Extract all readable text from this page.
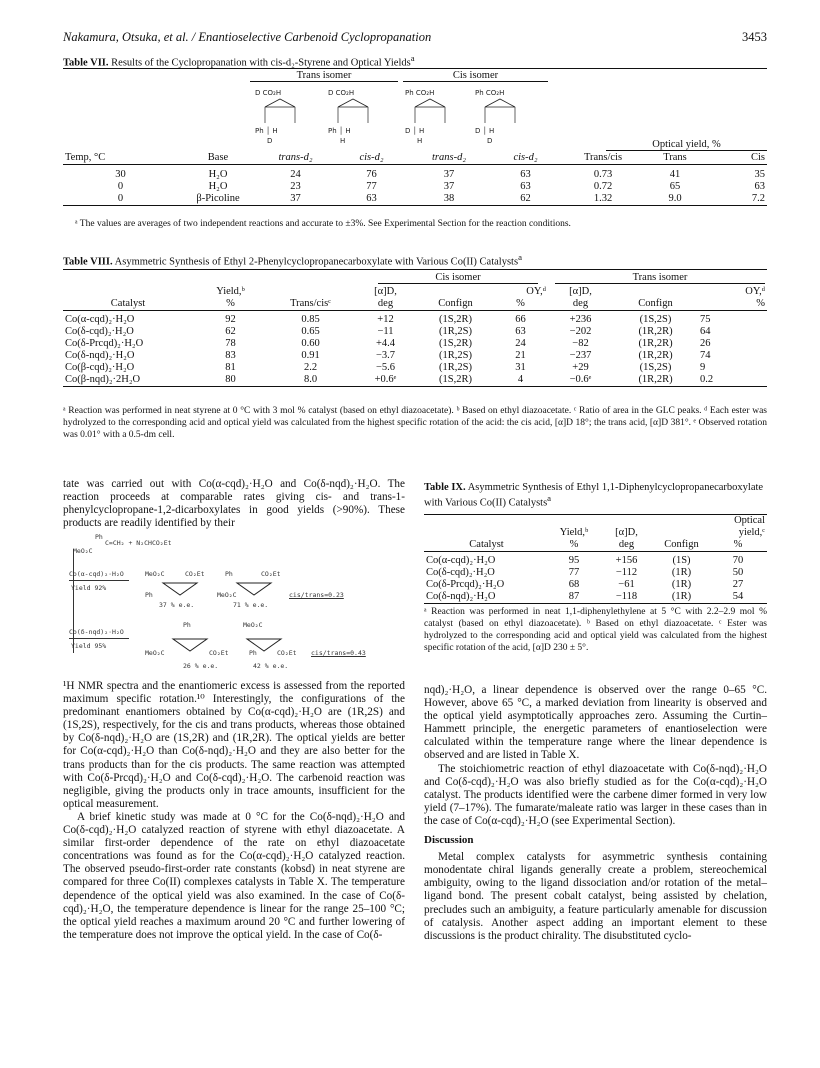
Nakamura, Otsuka, et al. / Enantioselective Carbenoid Cyclopropanation	3453
Table VII. Results of the Cyclopropanation with cis-d₂-Styrene and Optical Yields$^a$
Trans isomer	Cis isomer
D CO₂H
Ph │ H
D
D CO₂H
Ph │ H
H
Ph CO₂H
D │ H
H
Ph CO₂H
D │ H
D	Optical yield, %
Temp, °C	Base	trans-d₂	cis-d₂	trans-d₂	cis-d₂	Trans/cis	Trans	Cis

30	H₂O	24	76	37	63	0.73	41	35
0	H₂O	23	77	37	63	0.72	65	63
0	β-Picoline	37	63	38	62	1.32	9.0	7.2

ᵃ The values are averages of two independent reactions and accurate to ±3%. See Experimental Section for the reaction conditions.
Table VIII. Asymmetric Synthesis of Ethyl 2-Phenylcyclopropanecarboxylate with Various Co(II) Catalysts$^a$
Cis isomer	Trans isomer
	Yield,ᵇ		[α]D,		OY,ᵈ	[α]D,		OY,ᵈ
Catalyst	%	Trans/cisᶜ	deg	Confign	%	deg	Confign	%

Co(α-cqd)₂·H₂O	92	0.85	+12	(1S,2R)	66	+236	(1S,2S)	75
Co(δ-cqd)₂·H₂O	62	0.65	−11	(1R,2S)	63	−202	(1R,2R)	64
Co(δ-Prcqd)₂·H₂O	78	0.60	+4.4	(1S,2R)	24	−82	(1R,2R)	26
Co(δ-nqd)₂·H₂O	83	0.91	−3.7	(1R,2S)	21	−237	(1R,2R)	74
Co(β-cqd)₂·H₂O	81	2.2	−5.6	(1R,2S)	31	+29	(1S,2S)	9
Co(β-nqd)₂·2H₂O	80	8.0	+0.6ᵉ	(1S,2R)	4	−0.6ᵉ	(1R,2R)	0.2

ᵃ Reaction was performed in neat styrene at 0 °C with 3 mol % catalyst (based on ethyl diazoacetate). ᵇ Based on ethyl diazoacetate. ᶜ Ratio of area in the GLC peaks. ᵈ Each ester was hydrolyzed to the corresponding acid and optical yield was calculated from the highest specific rotation of the acid: the cis acid, [α]D 18°; the trans acid, [α]D 381°. ᵉ Observed rotation was 0.01° with a 0.5-dm cell.

tate was carried out with Co(α-cqd)₂·H₂O and Co(δ-nqd)₂·H₂O. The reaction proceeds at comparable rates giving cis- and trans-1-phenylcyclopropane-1,2-dicarboxylates in good yields (>90%). These products are readily identified by their

Ph
C=CH₂ + N₂CHCO₂Et
MeO₂C
Co(α-cqd)₂·H₂O
Yield 92%
MeO₂C	CO₂Et	Ph	CO₂Et
Ph	MeO₂C	cis/trans=0.23
37 % e.e.	71 % e.e.
Co(δ-nqd)₂·H₂O
Yield 95%
Ph	MeO₂C
MeO₂C	CO₂Et	Ph	CO₂Et cis/trans=0.43
26 % e.e.	42 % e.e.

¹H NMR spectra and the enantiomeric excess is assessed from the reported maximum specific rotation.¹⁰ Interestingly, the configurations of the predominant enantiomers obtained by Co(α-cqd)₂·H₂O are (1R,2S) and (1S,2S), respectively, for the cis and trans products, whereas those obtained by Co(δ-nqd)₂·H₂O are (1S,2R) and (1R,2R). The optical yields are better for Co(α-cqd)₂·H₂O than Co(δ-nqd)₂·H₂O and they are also better for the trans products than for the cis products. The same reaction was attempted with Co(δ-Prcqd)₂·H₂O and Co(δ-cqd)₂·H₂O. The carbenoid reaction was negligible, giving the products only in trace amounts, insufficient for the optical measurement.

A brief kinetic study was made at 0 °C for the Co(δ-nqd)₂·H₂O and Co(δ-cqd)₂·H₂O catalyzed reaction of styrene with ethyl diazoacetate. A similar first-order dependence of the rate on ethyl diazoacetate concentrations was found as for the Co(α-cqd)₂·H₂O catalyzed reaction. The observed pseudo-first-order rate constants (kobsd) in neat styrene are compared for three Co(II) complexes catalysts in Table X. The temperature dependence of the optical yield was also examined. In the case of Co(δ-cqd)₂·H₂O, the temperature dependence is linear for the range 25–100 °C; the optical yield reaches a maximum around 20 °C and further lowering of the temperature does not improve the optical yield. In the case of Co(δ-

Table IX. Asymmetric Synthesis of Ethyl 1,1-Diphenylcyclopropanecarboxylate with Various Co(II) Catalysts$^a$
				Optical
	Yield,ᵇ	[α]D,		yield,ᶜ
Catalyst	%	deg	Confign	%

Co(α-cqd)₂·H₂O	95	+156	(1S)	70
Co(δ-cqd)₂·H₂O	77	−112	(1R)	50
Co(δ-Prcqd)₂·H₂O	68	−61	(1R)	27
Co(δ-nqd)₂·H₂O	87	−118	(1R)	54

ᵃ Reaction was performed in neat 1,1-diphenylethylene at 5 °C with 2.2–2.9 mol % catalyst (based on ethyl diazoacetate). ᵇ Based on ethyl diazoacetate. ᶜ Ester was hydrolyzed to the corresponding acid and optical yield was calculated from the highest specific rotation of the acid, [α]D 230 ± 5°.

nqd)₂·H₂O, a linear dependence is observed over the range 0–65 °C. However, above 65 °C, a marked deviation from linearity is observed and the optical yield asymptotically approaches zero. Assuming the Curtin–Hammett principle, the energetic parameters of enantioselection were calculated within the temperature range where the linear dependence is observed and are listed in Table X.

The stoichiometric reaction of ethyl diazoacetate with Co(δ-nqd)₂·H₂O and Co(δ-cqd)₂·H₂O was also briefly studied as for the Co(α-cqd)₂·H₂O catalyst. The products identified were the carbene dimer formed in very low yield (7–17%). The fumarate/maleate ratio was larger in these cases than in the case of Co(α-cqd)₂·H₂O (see Experimental Section).

Discussion

Metal complex catalysts for asymmetric synthesis containing monodentate chiral ligands generally create a problem, stereochemical ambiguity, owing to the ligand dissociation and/or rotation of the metal–ligand bond. The present cobalt catalyst, being assisted by chelation, precludes such an ambiguity, a feature particularly amenable for discussion of catalysis. Another aspect adding an important element to these discussions is the product chirality. The disubstituted cyclo-
